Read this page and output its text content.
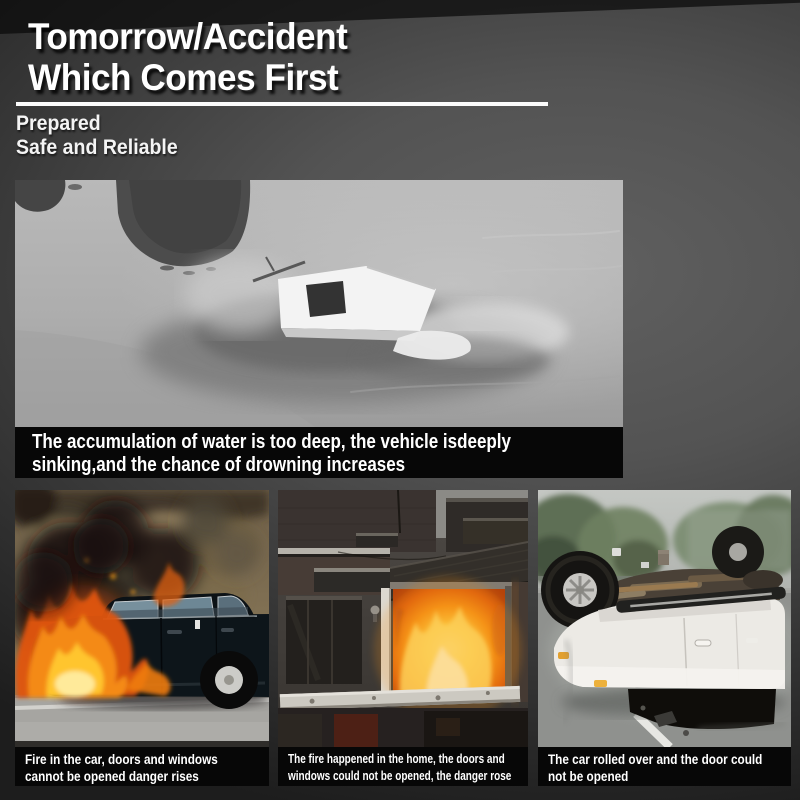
Tomorrow/Accident
Which Comes First
Prepared
Safe and Reliable
The accumulation of water is too deep, the vehicle isdeeply
sinking,and the chance of drowning increases
Fire in the car, doors and windows
cannot be opened danger rises
The fire happened in the home, the doors and
windows could not be opened, the danger rose
The car rolled over and the door could
not be opened
